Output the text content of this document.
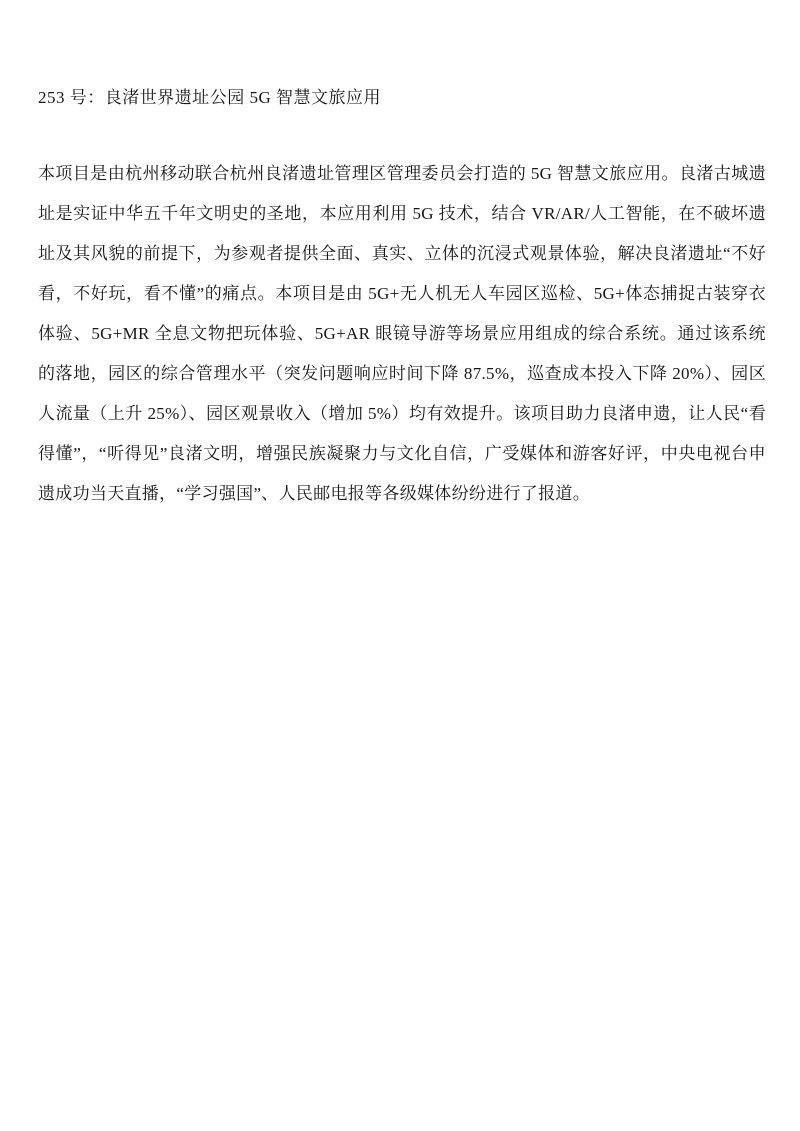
253 号：良渚世界遗址公园 5G 智慧文旅应用

本项目是由杭州移动联合杭州良渚遗址管理区管理委员会打造的 5G 智慧文旅应用。良渚古城遗址是实证中华五千年文明史的圣地，本应用利用 5G 技术，结合 VR/AR/人工智能，在不破坏遗址及其风貌的前提下，为参观者提供全面、真实、立体的沉浸式观景体验，解决良渚遗址“不好看，不好玩，看不懂”的痛点。本项目是由 5G+无人机无人车园区巡检、5G+体态捕捉古装穿衣体验、5G+MR 全息文物把玩体验、5G+AR 眼镜导游等场景应用组成的综合系统。通过该系统的落地，园区的综合管理水平（突发问题响应时间下降 87.5%，巡查成本投入下降 20%）、园区人流量（上升 25%）、园区观景收入（增加 5%）均有效提升。该项目助力良渚申遗，让人民“看得懂”，“听得见”良渚文明，增强民族凝聚力与文化自信，广受媒体和游客好评，中央电视台申遗成功当天直播，“学习强国”、人民邮电报等各级媒体纷纷进行了报道。
